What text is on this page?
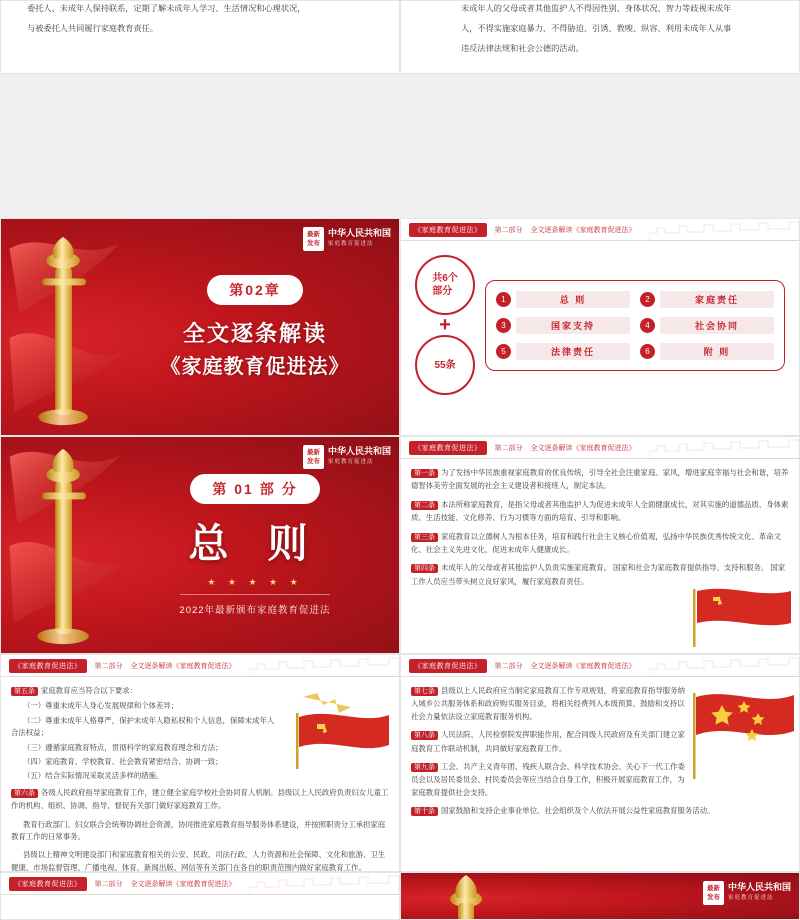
委托人、未成年人保持联系，定期了解未成年人学习、生活情况和心理状况，

与被委托人共同履行家庭教育责任。

未成年人的父母或者其他监护人不得因性别、身体状况、智力等歧视未成年

人，不得实施家庭暴力，不得胁迫、引诱、教唆、纵容、利用未成年人从事

违反法律法规和社会公德的活动。

最新
发布
中华人民共和国
家庭教育促进法
第02章
全文逐条解读
《家庭教育促进法》
《家庭教育促进法》	第二部分 全文逐条解读《家庭教育促进法》
共6个
部分
+
55条
1	总 则	2	家庭责任
3	国家支持	4	社会协同
5	法律责任	6	附 则
最新
发布
中华人民共和国
家庭教育促进法
第 01 部 分
总 则
★ ★ ★ ★ ★
2022年最新颁布家庭教育促进法
《家庭教育促进法》	第二部分 全文逐条解读《家庭教育促进法》
第一条 为了发扬中华民族重视家庭教育的优良传统，引导全社会注重家庭、家风，增进家庭幸福与社会和谐，培养德智体美劳全面发展的社会主义建设者和接班人，制定本法。
第二条 本法所称家庭教育，是指父母或者其他监护人为促进未成年人全面健康成长，对其实施的道德品质、身体素质、生活技能、文化修养、行为习惯等方面的培育、引导和影响。
第三条 家庭教育以立德树人为根本任务，培育和践行社会主义核心价值观，弘扬中华民族优秀传统文化、革命文化、社会主义先进文化，促进未成年人健康成长。
第四条 未成年人的父母或者其他监护人负责实施家庭教育。 国家和社会为家庭教育提供指导、支持和服务。 国家工作人员应当带头树立良好家风，履行家庭教育责任。
《家庭教育促进法》	第二部分 全文逐条解读《家庭教育促进法》
第五条 家庭教育应当符合以下要求：
（一）尊重未成年人身心发展规律和个体差异；
（二）尊重未成年人格尊严，保护未成年人隐私权和个人信息，保障未成年人合法权益；
（三）遵循家庭教育特点，贯彻科学的家庭教育理念和方法；
（四）家庭教育、学校教育、社会教育紧密结合、协调一致；
（五）结合实际情况采取灵活多样的措施。
第六条 各级人民政府指导家庭教育工作，建立健全家庭学校社会协同育人机制。县级以上人民政府负责妇女儿童工作的机构、组织、协调、指导、督促有关部门做好家庭教育工作。
教育行政部门、妇女联合会统筹协调社会资源，协同推进家庭教育指导服务体系建设，并按照职责分工承担家庭教育工作的日常事务。
县级以上精神文明建设部门和家庭教育相关的公安、民政、司法行政、人力资源和社会保障、文化和旅游、卫生健康、市场监督管理、广播电视、体育、新闻出版、网信等有关部门在各自的职责范围内做好家庭教育工作。
《家庭教育促进法》	第二部分 全文逐条解读《家庭教育促进法》
第七条 县级以上人民政府应当制定家庭教育工作专项规划，将家庭教育指导服务纳入城乡公共服务体系和政府购买服务目录，将相关经费列入本级预算，鼓励和支持以社会力量依法设立家庭教育服务机构。
第八条 人民法院、人民检察院发挥职能作用，配合同级人民政府及有关部门建立家庭教育工作联动机制，共同做好家庭教育工作。
第九条 工会、共产主义青年团、残疾人联合会、科学技术协会、关心下一代工作委员会以及居民委员会、村民委员会等应当结合自身工作，积极开展家庭教育工作，为家庭教育提供社会支持。
第十条 国家鼓励和支持企业事业单位、社会组织及个人依法开展公益性家庭教育服务活动。
《家庭教育促进法》	第二部分 全文逐条解读《家庭教育促进法》
最新
发布
中华人民共和国
家庭教育促进法
